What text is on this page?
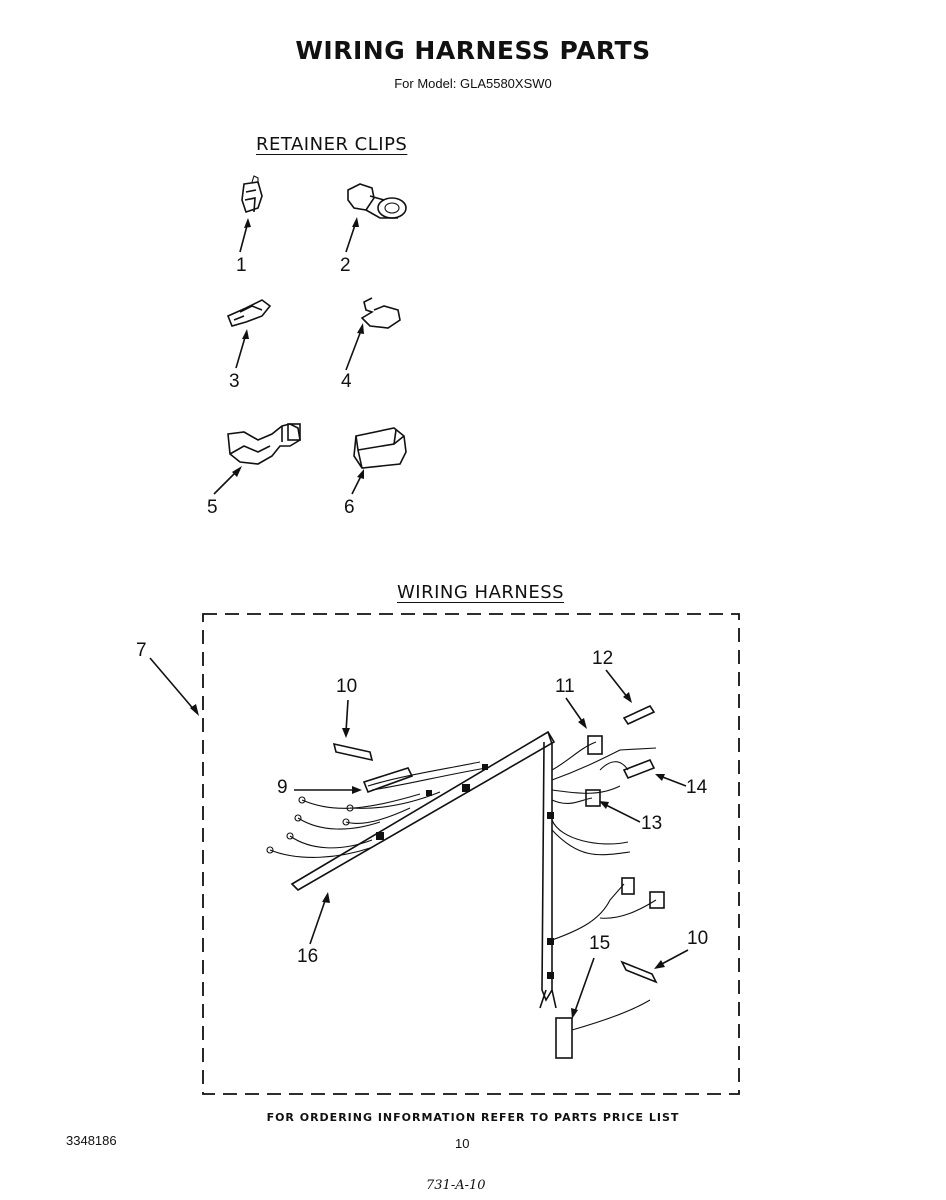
WIRING HARNESS PARTS
For Model: GLA5580XSW0
RETAINER CLIPS
WIRING HARNESS
1	2
3	4
5	6
7
9
10
10
11
12
13
14
15
16
FOR ORDERING INFORMATION REFER TO PARTS PRICE LIST
3348186	10
731-A-10
